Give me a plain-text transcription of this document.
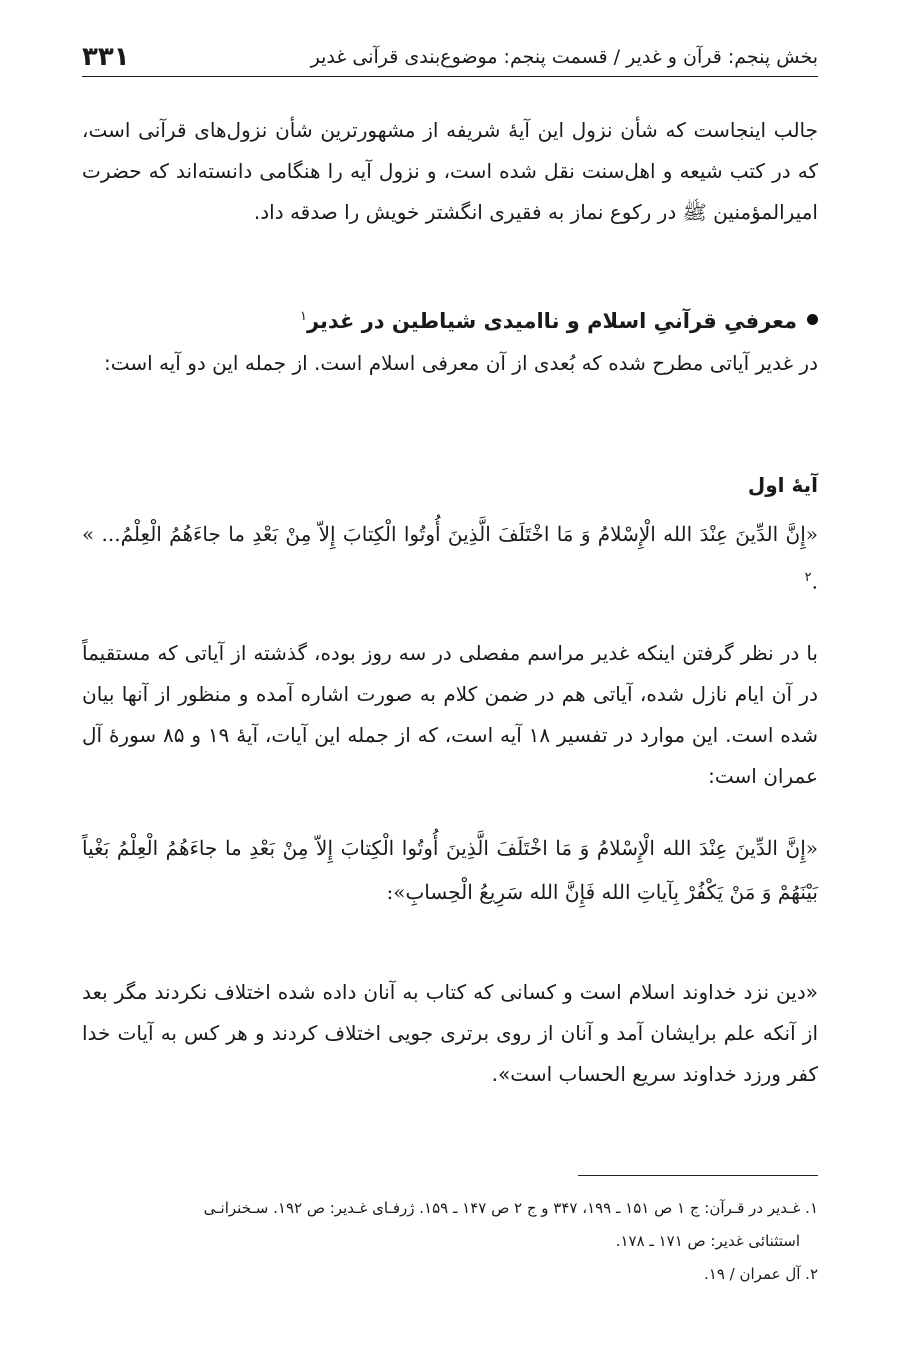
بخش پنجم: قرآن و غدیر / قسمت پنجم: موضوع‌بندی قرآنی غدیر
۳۳۱

جالب اینجاست که شأن نزول این آیهٔ شریفه از مشهورترین شأن نزول‌های قرآنی است، که در کتب شیعه و اهل‌سنت نقل شده است، و نزول آیه را هنگامی دانسته‌اند که حضرت امیرالمؤمنین ﷺ در رکوع نماز به فقیری انگشتر خویش را صدقه داد.

معرفیِ قرآنیِ اسلام و ناامیدی شیاطین در غدیر$^۱$

در غدیر آیاتی مطرح شده که بُعدی از آن معرفی اسلام است. از جمله این دو آیه است:

آیهٔ اول

«إِنَّ الدِّینَ عِنْدَ الله الْإِسْلامُ وَ مَا اخْتَلَفَ الَّذِینَ أُوتُوا الْکِتابَ إِلاّ مِنْ بَعْدِ ما جاءَهُمُ الْعِلْمُ... » .$^۲$

با در نظر گرفتن اینکه غدیر مراسم مفصلی در سه روز بوده، گذشته از آیاتی که مستقیماً در آن ایام نازل شده، آیاتی هم در ضمن کلام به صورت اشاره آمده و منظور از آنها بیان شده است. این موارد در تفسیر ۱۸ آیه است، که از جمله این آیات، آیهٔ ۱۹ و ۸۵ سورهٔ آل عمران است:

«إِنَّ الدِّینَ عِنْدَ الله الْإِسْلامُ وَ مَا اخْتَلَفَ الَّذِینَ أُوتُوا الْکِتابَ إِلاّ مِنْ بَعْدِ ما جاءَهُمُ الْعِلْمُ بَغْیاً بَیْنَهُمْ وَ مَنْ یَکْفُرْ بِآیاتِ الله فَإِنَّ الله سَرِیعُ الْحِسابِ»:

«دین نزد خداوند اسلام است و کسانی که کتاب به آنان داده شده اختلاف نکردند مگر بعد از آنکه علم برایشان آمد و آنان از روی برتری جویی اختلاف کردند و هر کس به آیات خدا کفر ورزد خداوند سریع الحساب است».

۱. غـدیر در قـرآن: ج ۱ ص ۱۵۱ ـ ۱۹۹، ۳۴۷ و ج ۲ ص ۱۴۷ ـ ۱۵۹. ژرفـای غـدیر: ص ۱۹۲. سـخنرانـی

استثنائی غدیر: ص ۱۷۱ ـ ۱۷۸.

۲. آل عمران / ۱۹.
